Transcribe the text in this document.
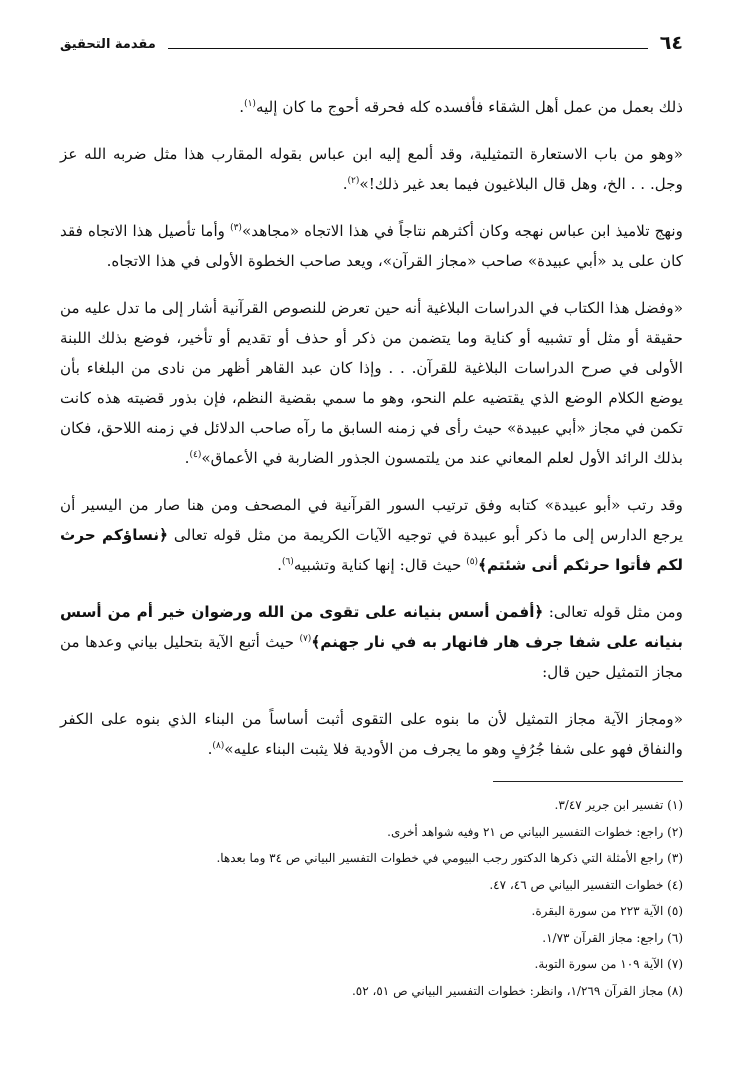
٦٤
مقدمة التحقيق

ذلك بعمل من عمل أهل الشقاء فأفسده كله فحرقه أحوج ما كان إليه$^{(١)}$.

«وهو من باب الاستعارة التمثيلية، وقد ألمع إليه ابن عباس بقوله المقارب هذا مثل ضربه الله عز وجل. . . الخ، وهل قال البلاغيون فيما بعد غير ذلك!»$^{(٢)}$.

ونهج تلاميذ ابن عباس نهجه وكان أكثرهم نتاجاً في هذا الاتجاه «مجاهد»$^{(٣)}$ وأما تأصيل هذا الاتجاه فقد كان على يد «أبي عبيدة» صاحب «مجاز القرآن»، ويعد صاحب الخطوة الأولى في هذا الاتجاه.

«وفضل هذا الكتاب في الدراسات البلاغية أنه حين تعرض للنصوص القرآنية أشار إلى ما تدل عليه من حقيقة أو مثل أو تشبيه أو كناية وما يتضمن من ذكر أو حذف أو تقديم أو تأخير، فوضع بذلك اللبنة الأولى في صرح الدراسات البلاغية للقرآن. . . وإذا كان عبد القاهر أظهر من نادى من البلغاء بأن يوضع الكلام الوضع الذي يقتضيه علم النحو، وهو ما سمي بقضية النظم، فإن بذور قضيته هذه كانت تكمن في مجاز «أبي عبيدة» حيث رأى في زمنه السابق ما رآه صاحب الدلائل في زمنه اللاحق، فكان بذلك الرائد الأول لعلم المعاني عند من يلتمسون الجذور الضاربة في الأعماق»$^{(٤)}$.

وقد رتب «أبو عبيدة» كتابه وفق ترتيب السور القرآنية في المصحف ومن هنا صار من اليسير أن يرجع الدارس إلى ما ذكر أبو عبيدة في توجيه الآيات الكريمة من مثل قوله تعالى ﴿نساؤكم حرث لكم فأتوا حرثكم أنى شئتم﴾$^{(٥)}$ حيث قال: إنها كناية وتشبيه$^{(٦)}$.

ومن مثل قوله تعالى: ﴿أفمن أسس بنيانه على تقوى من الله ورضوان خير أم من أسس بنيانه على شفا جرف هار فانهار به في نار جهنم﴾$^{(٧)}$ حيث أتبع الآية بتحليل بياني وعدها من مجاز التمثيل حين قال:

«ومجاز الآية مجاز التمثيل لأن ما بنوه على التقوى أثبت أساساً من البناء الذي بنوه على الكفر والنفاق فهو على شفا جُرُفٍ وهو ما يجرف من الأودية فلا يثبت البناء عليه»$^{(٨)}$.

(١) تفسير ابن جرير ٣/٤٧.

(٢) راجع: خطوات التفسير البياني ص ٢١ وفيه شواهد أخرى.

(٣) راجع الأمثلة التي ذكرها الدكتور رجب البيومي في خطوات التفسير البياني ص ٣٤ وما بعدها.

(٤) خطوات التفسير البياني ص ٤٦، ٤٧.

(٥) الآية ٢٢٣ من سورة البقرة.

(٦) راجع: مجاز القرآن ١/٧٣.

(٧) الآية ١٠٩ من سورة التوبة.

(٨) مجاز القرآن ١/٢٦٩، وانظر: خطوات التفسير البياني ص ٥١، ٥٢.
